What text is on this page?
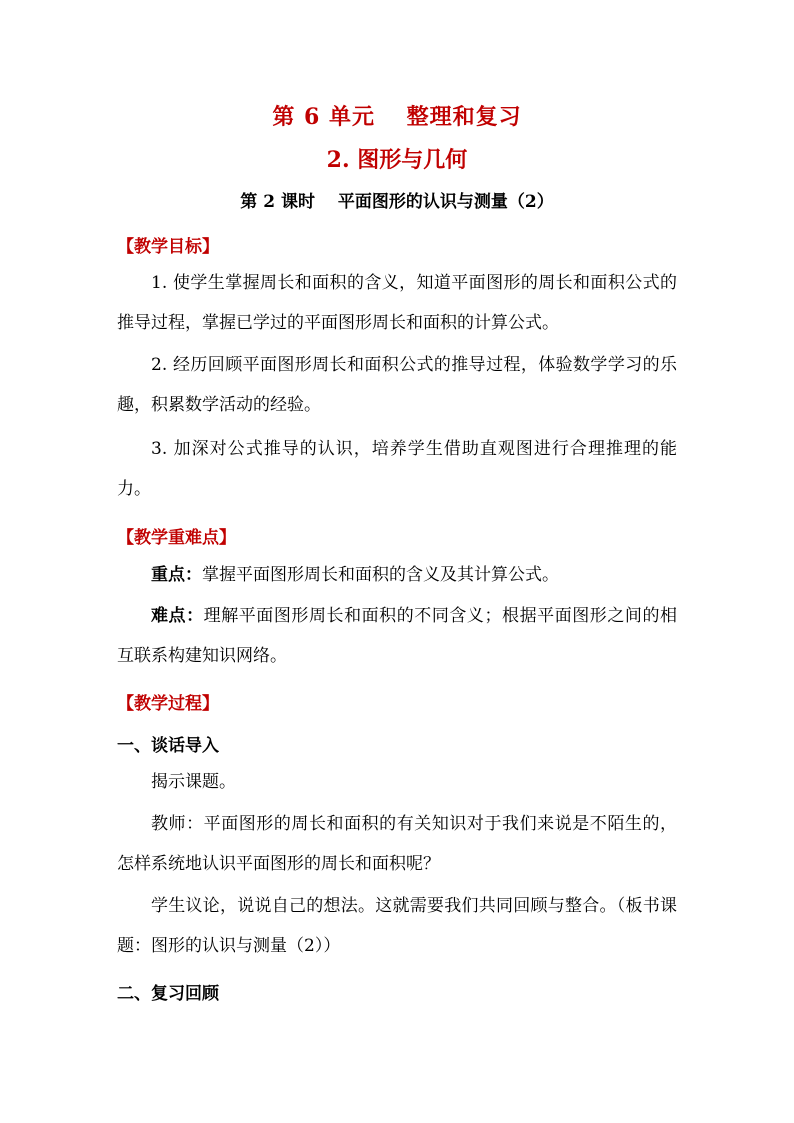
第 6 单元　 整理和复习
2. 图形与几何
第 2 课时　 平面图形的认识与测量（2）
【教学目标】

1. 使学生掌握周长和面积的含义，知道平面图形的周长和面积公式的推导过程，掌握已学过的平面图形周长和面积的计算公式。

2. 经历回顾平面图形周长和面积公式的推导过程，体验数学学习的乐趣，积累数学活动的经验。

3. 加深对公式推导的认识，培养学生借助直观图进行合理推理的能力。

【教学重难点】

重点：掌握平面图形周长和面积的含义及其计算公式。

难点：理解平面图形周长和面积的不同含义；根据平面图形之间的相互联系构建知识网络。

【教学过程】
一、谈话导入

揭示课题。

教师：平面图形的周长和面积的有关知识对于我们来说是不陌生的，怎样系统地认识平面图形的周长和面积呢？

学生议论，说说自己的想法。这就需要我们共同回顾与整合。（板书课题：图形的认识与测量（2））

二、复习回顾
